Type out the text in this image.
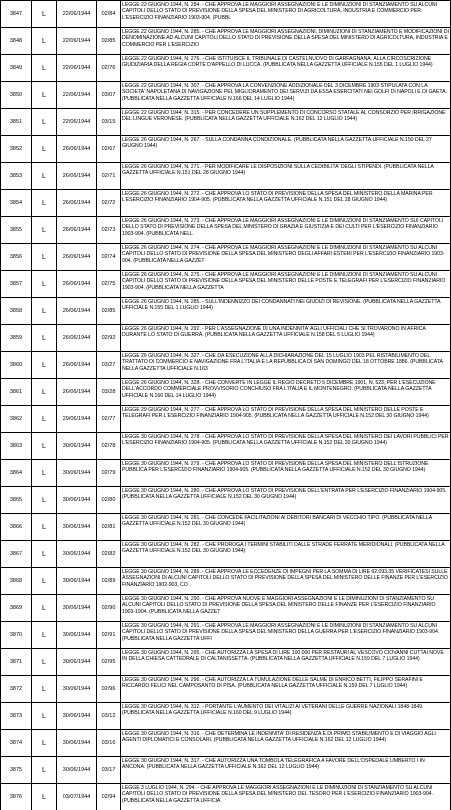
3847	L	22/06/1944	02/84
LEGGE 22 GIUGNO 1944, N. 284. - CHE APPROVA LE MAGGIORI ASSEGNAZIONI E LE DIMINUZIONI DI STANZIAMENTO SU ALCUNI CAPITOLI DELLO STATO DI PREVISIONE DELLA SPESA DEL MINISTERO DI AGRICOLTURA, INDUSTRIA E COMMERCIO PER L'ESERCIZIO FINANZIARIO 1903-904. (PUBBL
3848	L	22/06/1944	02/85
LEGGE 22 GIUGNO 1944, N. 285. - CHE APPROVA LE MAGGIORI ASSEGNAZIONI, DIMINUZIONI DI STANZIAMENTO E MODIFICAZIONI DI DENOMINAZIONE AD ALCUNI CAPITOLI DELLO STATO DI PREVISIONE DELLA SPESA DEL MINISTERO DI AGRICOLTURA, INDUSTRIA E COMMERCIO PER L'ESERCIZIO
3849	L	22/06/1944	02/76
LEGGE 22 GIUGNO 1944, N. 276. - CHE ISTITUISCE IL TRIBUNALE DI CASTELNUOVO DI GARFAGNANA, ALLA CIRCOSCRIZIONE GIUDIZIARIA DELLA REGIA CORTE D'APPELLO DI LUCCA. (PUBBLICATA NELLA GAZZETTA UFFICIALE N.155 DEL 1 LUGLIO 1944)
3850	L	22/06/1944	03/07
LEGGE 22 GIUGNO 1944, N. 307. - CHE APPROVA LA CONVENZIONE ADDIZIONALE DEL 3 DICEMBRE 1903 STIPULATA CON LA SOCIETA' NAPOLETANA DI NAVIGAZIONE PEL MIGLIORAMENTO DEI SERVIZI DA ESSA ESERCITATI NEI GOLFI DI NAPOLI E DI GAETA. (PUBBLICATA NELLA GAZZETTA UFFICIALE N.166 DEL 14 LUGLIO 1944)
3851	L	22/06/1944	03/15
LEGGE 22 GIUGNO 1944, N. 315. - PER CONCEDERE UN SUPPLEMENTO DI CONCORSO STATALE AL CONSORZIO PER IRRIGAZIONE DEL LINGUE VERONESE. (PUBBLICATA NELLA GAZZETTA UFFICIALE N.162 DEL 12 LUGLIO 1944)
3852	L	26/06/1944	02/67
LEGGE 26 GIUGNO 1944, N. 267. - SULLA CONDANNA CONDIZIONALE. (PUBBLICATA NELLA GAZZETTA UFFICIALE N.150 DEL 27 GIUGNO 1944)
3853	L	26/06/1944	02/71
LEGGE 26 GIUGNO 1944, N. 271. - PER MODIFICARE LE DISPOSIZIONI SULLA CEDIBILITA' DEGLI STIPENDI. (PUBBLICATA NELLA GAZZETTA UFFICIALE N.151 DEL 28 GIUGNO 1944)
3854	L	26/06/1944	02/72
LEGGE 26 GIUGNO 1944, N. 272. - CHE APPROVA LO STATO DI PREVISIONE DELLA SPESA DEL MINISTERO DELLA MARINA PER L'ESERCIZIO FINANZIARIO 1904-905. (PUBBLICATA NELLA GAZZETTA UFFICIALE N.151 DEL 28 GIUGNO 1944)
3855	L	26/06/1944	02/73
LEGGE 26 GIUGNO 1944, N. 273. - CHE APPROVA LE MAGGIORI ASSEGNAZIONI E LE DIMINUZIONI DI STANZIAMENTO SUI CAPITOLI DELLO STATO DI PREVISIONE DELLA SPESA DEL MINISTERO DI GRAZIA E GIUSTIZIA E DEI CULTI PER L'ESERCIZIO FINANZIARIO 1903-904. (PUBBLICATA NELL
3856	L	26/06/1944	02/74
LEGGE 26 GIUGNO 1944, N. 274. - CHE APPROVA LE MAGGIORI ASSEGNAZIONI E LE DIMINUZIONI DI STANZIAMENTO SU ALCUNI CAPITOLI DELLO STATO DI PREVISIONE DELLA SPESA DEL MINISTERO DEGLI AFFARI ESTERI PER L'ESERCIZIO FINANZIARIO 1903-904. (PUBBLICATA NELLA GAZZET
3857	L	26/06/1944	02/75
LEGGE 26 GIUGNO 1944, N. 275. - CHE APPROVA LE MAGGIORI ASSEGNAZIONI E LE DIMINUZIONI DI STANZIAMENTO SU ALCUNI CAPITOLI DELLO STATO DI PREVISIONE DELLA SPESA DEL MINISTERO DELLE POSTE E TELEGRAFI PER L'ESERCIZIO FINANZIARIO 1903-904. (PUBBLICATA NELLA GAZZETTA
3858	L	26/06/1944	02/85
LEGGE 26 GIUGNO 1944, N. 285. - SULL'INDENNIZZO DEI CONDANNATI NEI GIUDIZI DI REVISIONE. (PUBBLICATA NELLA GAZZETTA UFFICIALE N.155 DEL 1 LUGLIO 1944)
3859	L	26/06/1944	02/92
LEGGE 26 GIUGNO 1944, N. 292. - PER L'ASSEGNAZIONE DI UNA INDENNITA' AGLI UFFICIALI CHE SI TROVARONO IN AFRICA DURANTE LO STATO DI GUERRA. (PUBBLICATA NELLA GAZZETTA UFFICIALE N.158 DEL 5 LUGLIO 1944)
3860	L	26/06/1944	03/27
LEGGE 26 GIUGNO 1944, N. 327. - CHE DA ESECUZIONE ALLA DICHIARAZIONE DEL 15 LUGLIO 1903 PEL RISTABILIMENTO DEL TRATTATO DI COMMERCIO E NAVIGAZIONE FRA L'ITALIA E LA REPUBBLICA DI SAN DOMINGO DEL 18 OTTOBRE 1886. (PUBBLICATA NELLA GAZZETTA UFFICIALE N.163
3861	L	26/06/1944	03/28
LEGGE 26 GIUGNO 1944, N. 328. - CHE CONVERTE IN LEGGE IL REGIO DECRETO 5 DICEMBRE 1901, N. 523, PER L'ESECUZIONE DELL'ACCORDO COMMERCIALE PROVVISORIO CONCHIUSO FRA L'ITALIA E IL MONTENEGRO. (PUBBLICATA NELLA GAZZETTA UFFICIALE N.166 DEL 14 LUGLIO 1944)
3862	L	29/06/1944	02/77
LEGGE 29 GIUGNO 1944, N. 277. - CHE APPROVA LO STATO DI PREVISIONE DELLA SPESA DEL MINISTERO DELLE POSTE E TELEGRAFI PER L'ESERCIZIO FINANZIARIO 1904-905. (PUBBLICATA NELLA GAZZETTA UFFICIALE N.152 DEL 30 GIUGNO 1944)
3863	L	30/06/1944	02/78
LEGGE 30 GIUGNO 1944, N. 278. - CHE APPROVA LO STATO DI PREVISIONE DELLA SPESA DEL MINISTERO DEI LAVORI PUBBLICI PER L'ESERCIZIO FINANZIARIO 1904-905. (PUBBLICATA NELLA GAZZETTA UFFICIALE N.152 DEL 30 GIUGNO 1944)
3864	L	30/06/1944	02/79
LEGGE 30 GIUGNO 1944, N. 279. - CHE APPROVA LO STATO DI PREVISIONE DELLA SPESA DEL MINISTERO DELL'ISTRUZIONE PUBBLICA PER L'ESERCIZIO FINANZIARIO 1904-905. (PUBBLICATA NELLA GAZZETTA UFFICIALE N.152 DEL 30 GIUGNO 1944)
3865	L	30/06/1944	02/80
LEGGE 30 GIUGNO 1944, N. 280. - CHE APPROVA LO STATO DI PREVISIONE DELL'ENTRATA PER L'ESERCIZIO FINANZIARIO 1904-905. (PUBBLICATA NELLA GAZZETTA UFFICIALE N.152 DEL 30 GIUGNO 1944)
3866	L	30/06/1944	02/81
LEGGE 30 GIUGNO 1944, N. 281. - CHE CONCEDE FACILITAZIONI AI DEBITORI BANCARI DI VECCHIO TIPO. (PUBBLICATA NELLA GAZZETTA UFFICIALE N.152 DEL 30 GIUGNO 1944)
3867	L	30/06/1944	02/82
LEGGE 30 GIUGNO 1944, N. 282. - CHE PROROGA I TERMINI STABILITI DALLE STRADE FERRATE MERIDIONALI. (PUBBLICATA NELLA GAZZETTA UFFICIALE N.152 DEL 30 GIUGNO 1944)
3868	L	30/06/1944	02/89
LEGGE 30 GIUGNO 1944, N. 289. - CHE APPROVA LE ECCEDENZE DI IMPEGNI PER LA SOMMA DI LIRE 62.093,35 VERIFICATESI SULLE ASSEGNAZIONI DI ALCUNI CAPITOLI DELLO STATO DI PREVISIONE DELLA SPESA DEL MINISTERO DELLE FINANZE PER L'ESERCIZIO FINANZIARIO 1902-903, CO
3869	L	30/06/1944	02/90
LEGGE 30 GIUGNO 1944, N. 290. - CHE APPROVA NUOVE E MAGGIORI ASSEGNAZIONI E LE DIMINUZIONI DI STANZIAMENTO SU ALCUNI CAPITOLI DELLO STATO DI PREVISIONE DELLA SPESA DEL MINISTERO DELLE FINANZE PER L'ESERCIZIO FINANZIARIO 1903-1904. (PUBBLICATA NELLA GAZZET
3870	L	30/06/1944	02/91
LEGGE 30 GIUGNO 1944, N. 291. - CHE APPROVA LE MAGGIORI ASSEGNAZIONI E LE DIMINUZIONI DI STANZIAMENTO SU ALCUNI CAPITOLI DELLO STATO DI PREVISIONE DELLA SPESA DEL MINISTERO DELLA GUERRA PER L'ESERCIZIO FINANZIARIO 1903-904. (PUBBLICATA NELLA GAZZETTA UFFI
3871	L	30/06/1944	02/95
LEGGE 30 GIUGNO 1944, N. 295. - CHE AUTORIZZA LA SPESA DI LIRE 100.000 PER RESTAURI AL VESCOVO CIOVANNI CUTTAI NOVE IN DELLA CHIESA CATTEDRALE DI CALTANISSETTA. (PUBBLICATA NELLA GAZZETTA UFFICIALE N.159 DEL 7 LUGLIO 1944)
3872	L	30/06/1944	02/96
LEGGE 30 GIUGNO 1944, N. 296. - CHE AUTORIZZA LA TUMULAZIONE DELLE SALME DI ENRICO BETTI, FILIPPO SERAFINI E RICCARDO FELICI NEL CAMPOSANTO DI PISA. (PUBBLICATA NELLA GAZZETTA UFFICIALE N.159 DEL 7 LUGLIO 1944)
3873	L	30/06/1944	03/12
LEGGE 30 GIUGNO 1944, N. 312. - PORTANTE L'AUMENTO DEI VITALIZI AI VETERANI DELLE GUERRE NAZIONALI 1848-1849. (PUBBLICATA NELLA GAZZETTA UFFICIALE N.160 DEL 9 LUGLIO 1944)
3874	L	30/06/1944	03/16
LEGGE 30 GIUGNO 1944, N. 316. - CHE DETERMINA LE INDENNITA' DI RESIDENZA E DI PRIMO STABILIMENTO E DI VIAGGIO AGLI AGENTI DIPLOMATICI E CONSOLARI. (PUBBLICATA NELLA GAZZETTA UFFICIALE N.162 DEL 12 LUGLIO 1944)
3875	L	30/06/1944	03/17
LEGGE 30 GIUGNO 1944, N. 317. - CHE AUTORIZZA UNA TOMBOLA TELEGRAFICA A FAVORE DELL'OSPEDALE UMBERTO I IN ANCONA. (PUBBLICATA NELLA GAZZETTA UFFICIALE N.162 DEL 12 LUGLIO 1944)
3876	L	03/07/1944	02/94
LEGGE 3 LUGLIO 1944, N. 294. - CHE APPROVA LE MAGGIORI ASSEGNAZIONI E LE DIMINUZIONI DI STANZIAMENTO SU ALCUNI CAPITOLI DELLO STATO DI PREVISIONE DELLA SPESA DEL MINISTERO DEL TESORO PER L'ESERCIZIO FINANZIARIO 1903-904. (PUBBLICATA NELLA GAZZETTA UFFICIA
